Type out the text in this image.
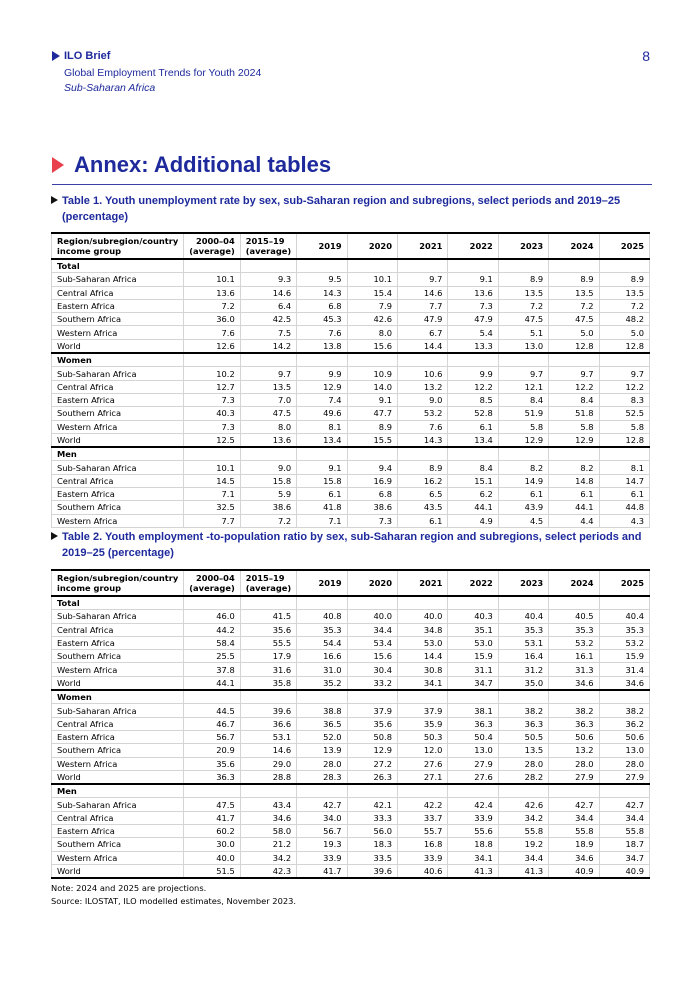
ILO Brief
Global Employment Trends for Youth 2024
Sub-Saharan Africa
8
Annex: Additional tables
Table 1. Youth unemployment rate by sex, sub-Saharan region and subregions, select periods and 2019–25 (percentage)
Region/subregion/country income group	2000–04 (average)	2015–19 (average)	2019	2020	2021	2022	2023	2024	2025
Total									
Sub-Saharan Africa	10.1	9.3	9.5	10.1	9.7	9.1	8.9	8.9	8.9
Central Africa	13.6	14.6	14.3	15.4	14.6	13.6	13.5	13.5	13.5
Eastern Africa	7.2	6.4	6.8	7.9	7.7	7.3	7.2	7.2	7.2
Southern Africa	36.0	42.5	45.3	42.6	47.9	47.9	47.5	47.5	48.2
Western Africa	7.6	7.5	7.6	8.0	6.7	5.4	5.1	5.0	5.0
World	12.6	14.2	13.8	15.6	14.4	13.3	13.0	12.8	12.8
Women									
Sub-Saharan Africa	10.2	9.7	9.9	10.9	10.6	9.9	9.7	9.7	9.7
Central Africa	12.7	13.5	12.9	14.0	13.2	12.2	12.1	12.2	12.2
Eastern Africa	7.3	7.0	7.4	9.1	9.0	8.5	8.4	8.4	8.3
Southern Africa	40.3	47.5	49.6	47.7	53.2	52.8	51.9	51.8	52.5
Western Africa	7.3	8.0	8.1	8.9	7.6	6.1	5.8	5.8	5.8
World	12.5	13.6	13.4	15.5	14.3	13.4	12.9	12.9	12.8
Men									
Sub-Saharan Africa	10.1	9.0	9.1	9.4	8.9	8.4	8.2	8.2	8.1
Central Africa	14.5	15.8	15.8	16.9	16.2	15.1	14.9	14.8	14.7
Eastern Africa	7.1	5.9	6.1	6.8	6.5	6.2	6.1	6.1	6.1
Southern Africa	32.5	38.6	41.8	38.6	43.5	44.1	43.9	44.1	44.8
Western Africa	7.7	7.2	7.1	7.3	6.1	4.9	4.5	4.4	4.3
Table 2. Youth employment -to-population ratio by sex, sub-Saharan region and subregions, select periods and 2019–25 (percentage)
Region/subregion/country income group	2000–04 (average)	2015–19 (average)	2019	2020	2021	2022	2023	2024	2025
Total									
Sub-Saharan Africa	46.0	41.5	40.8	40.0	40.0	40.3	40.4	40.5	40.4
Central Africa	44.2	35.6	35.3	34.4	34.8	35.1	35.3	35.3	35.3
Eastern Africa	58.4	55.5	54.4	53.4	53.0	53.0	53.1	53.2	53.2
Southern Africa	25.5	17.9	16.6	15.6	14.4	15.9	16.4	16.1	15.9
Western Africa	37.8	31.6	31.0	30.4	30.8	31.1	31.2	31.3	31.4
World	44.1	35.8	35.2	33.2	34.1	34.7	35.0	34.6	34.6
Women									
Sub-Saharan Africa	44.5	39.6	38.8	37.9	37.9	38.1	38.2	38.2	38.2
Central Africa	46.7	36.6	36.5	35.6	35.9	36.3	36.3	36.3	36.2
Eastern Africa	56.7	53.1	52.0	50.8	50.3	50.4	50.5	50.6	50.6
Southern Africa	20.9	14.6	13.9	12.9	12.0	13.0	13.5	13.2	13.0
Western Africa	35.6	29.0	28.0	27.2	27.6	27.9	28.0	28.0	28.0
World	36.3	28.8	28.3	26.3	27.1	27.6	28.2	27.9	27.9
Men									
Sub-Saharan Africa	47.5	43.4	42.7	42.1	42.2	42.4	42.6	42.7	42.7
Central Africa	41.7	34.6	34.0	33.3	33.7	33.9	34.2	34.4	34.4
Eastern Africa	60.2	58.0	56.7	56.0	55.7	55.6	55.8	55.8	55.8
Southern Africa	30.0	21.2	19.3	18.3	16.8	18.8	19.2	18.9	18.7
Western Africa	40.0	34.2	33.9	33.5	33.9	34.1	34.4	34.6	34.7
World	51.5	42.3	41.7	39.6	40.6	41.3	41.3	40.9	40.9
Note: 2024 and 2025 are projections.
Source: ILOSTAT, ILO modelled estimates, November 2023.
